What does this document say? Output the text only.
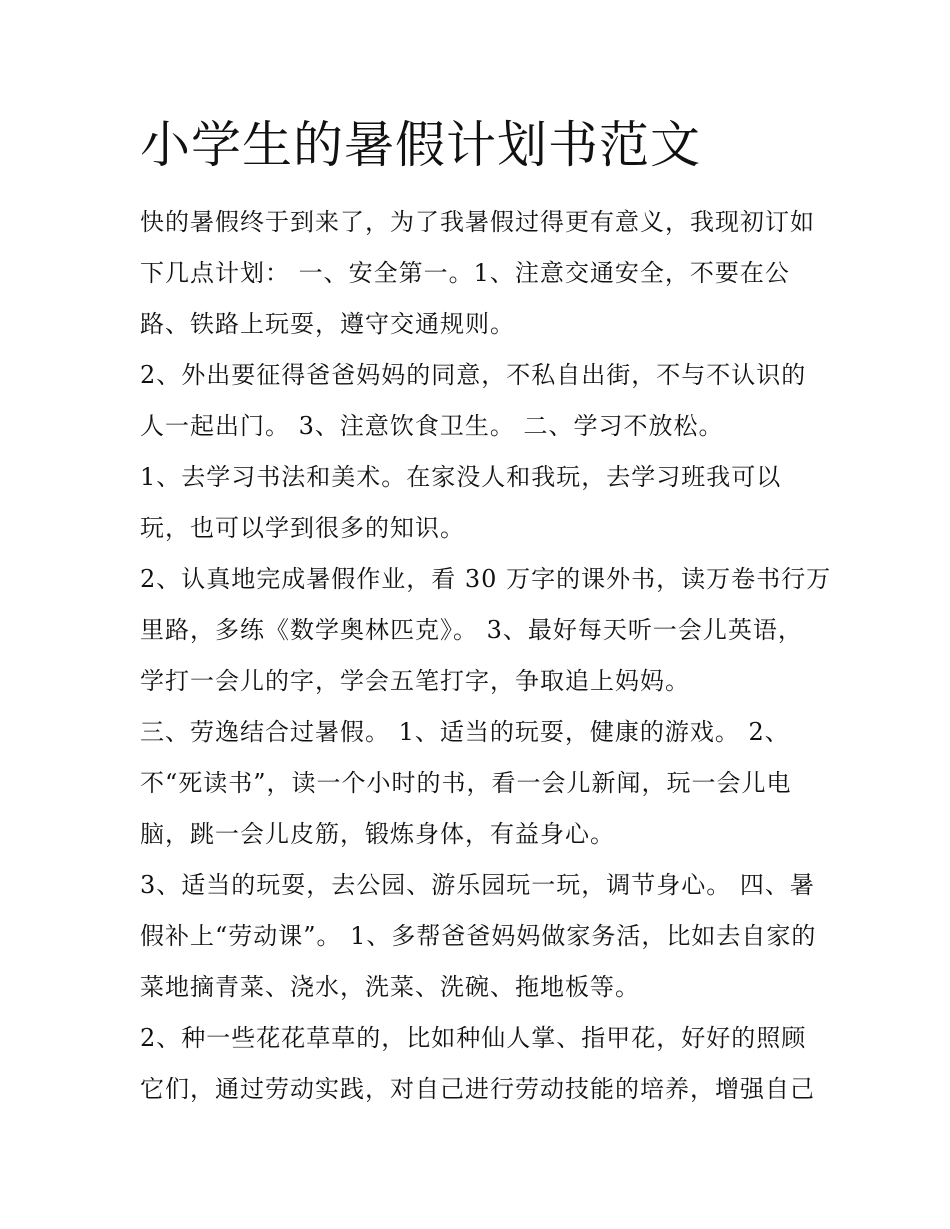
小学生的暑假计划书范文
快的暑假终于到来了，为了我暑假过得更有意义，我现初订如
下几点计划： 一、安全第一。1、注意交通安全，不要在公
路、铁路上玩耍，遵守交通规则。
2、外出要征得爸爸妈妈的同意，不私自出街，不与不认识的
人一起出门。 3、注意饮食卫生。 二、学习不放松。
1、去学习书法和美术。在家没人和我玩，去学习班我可以
玩，也可以学到很多的知识。
2、认真地完成暑假作业，看 30 万字的课外书，读万卷书行万
里路，多练《数学奥林匹克》。 3、最好每天听一会儿英语，
学打一会儿的字，学会五笔打字，争取追上妈妈。
三、劳逸结合过暑假。 1、适当的玩耍，健康的游戏。 2、
不“死读书”，读一个小时的书，看一会儿新闻，玩一会儿电
脑，跳一会儿皮筋，锻炼身体，有益身心。
3、适当的玩耍，去公园、游乐园玩一玩，调节身心。 四、暑
假补上“劳动课”。 1、多帮爸爸妈妈做家务活，比如去自家的
菜地摘青菜、浇水，洗菜、洗碗、拖地板等。
2、种一些花花草草的，比如种仙人掌、指甲花，好好的照顾
它们，通过劳动实践，对自己进行劳动技能的培养，增强自己
